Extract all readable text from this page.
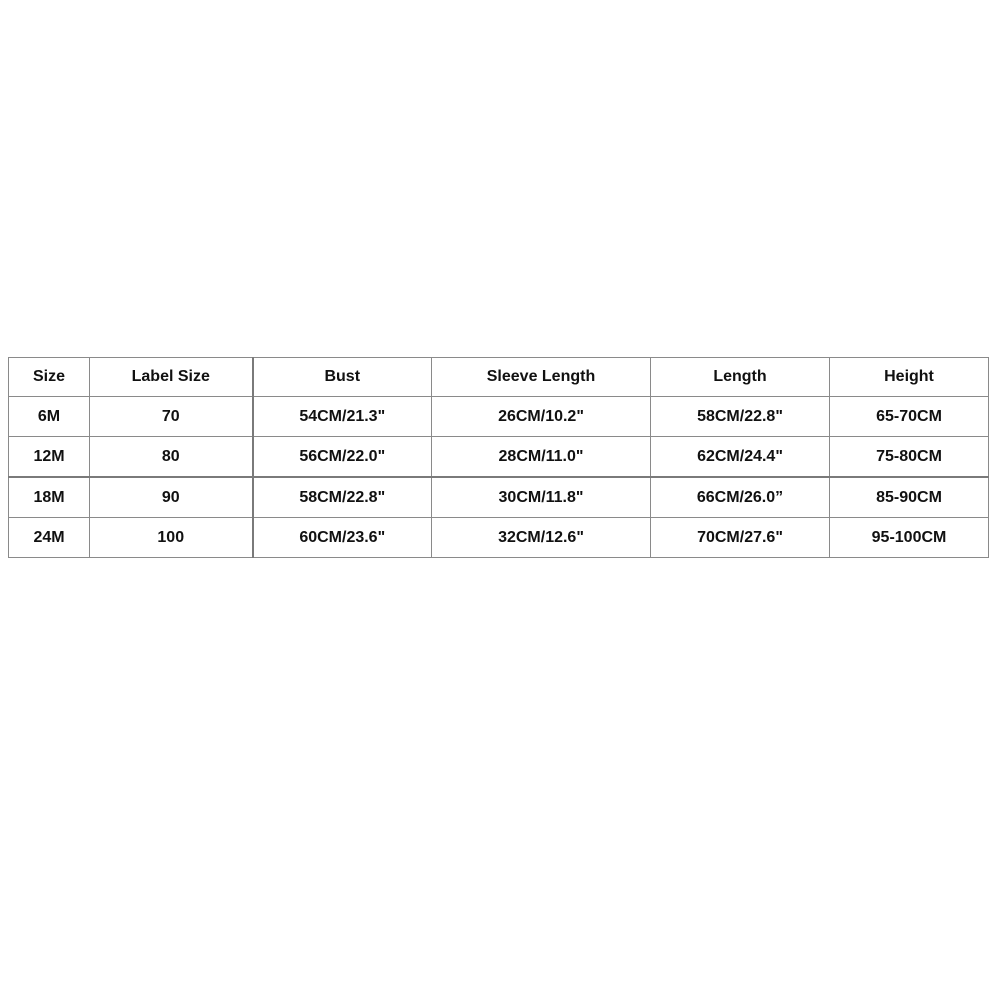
Size	Label Size	Bust	Sleeve Length	Length	Height
6M	70	54CM/21.3"	26CM/10.2"	58CM/22.8"	65-70CM
12M	80	56CM/22.0"	28CM/11.0"	62CM/24.4"	75-80CM
18M	90	58CM/22.8"	30CM/11.8"	66CM/26.0”	85-90CM
24M	100	60CM/23.6"	32CM/12.6"	70CM/27.6"	95-100CM
